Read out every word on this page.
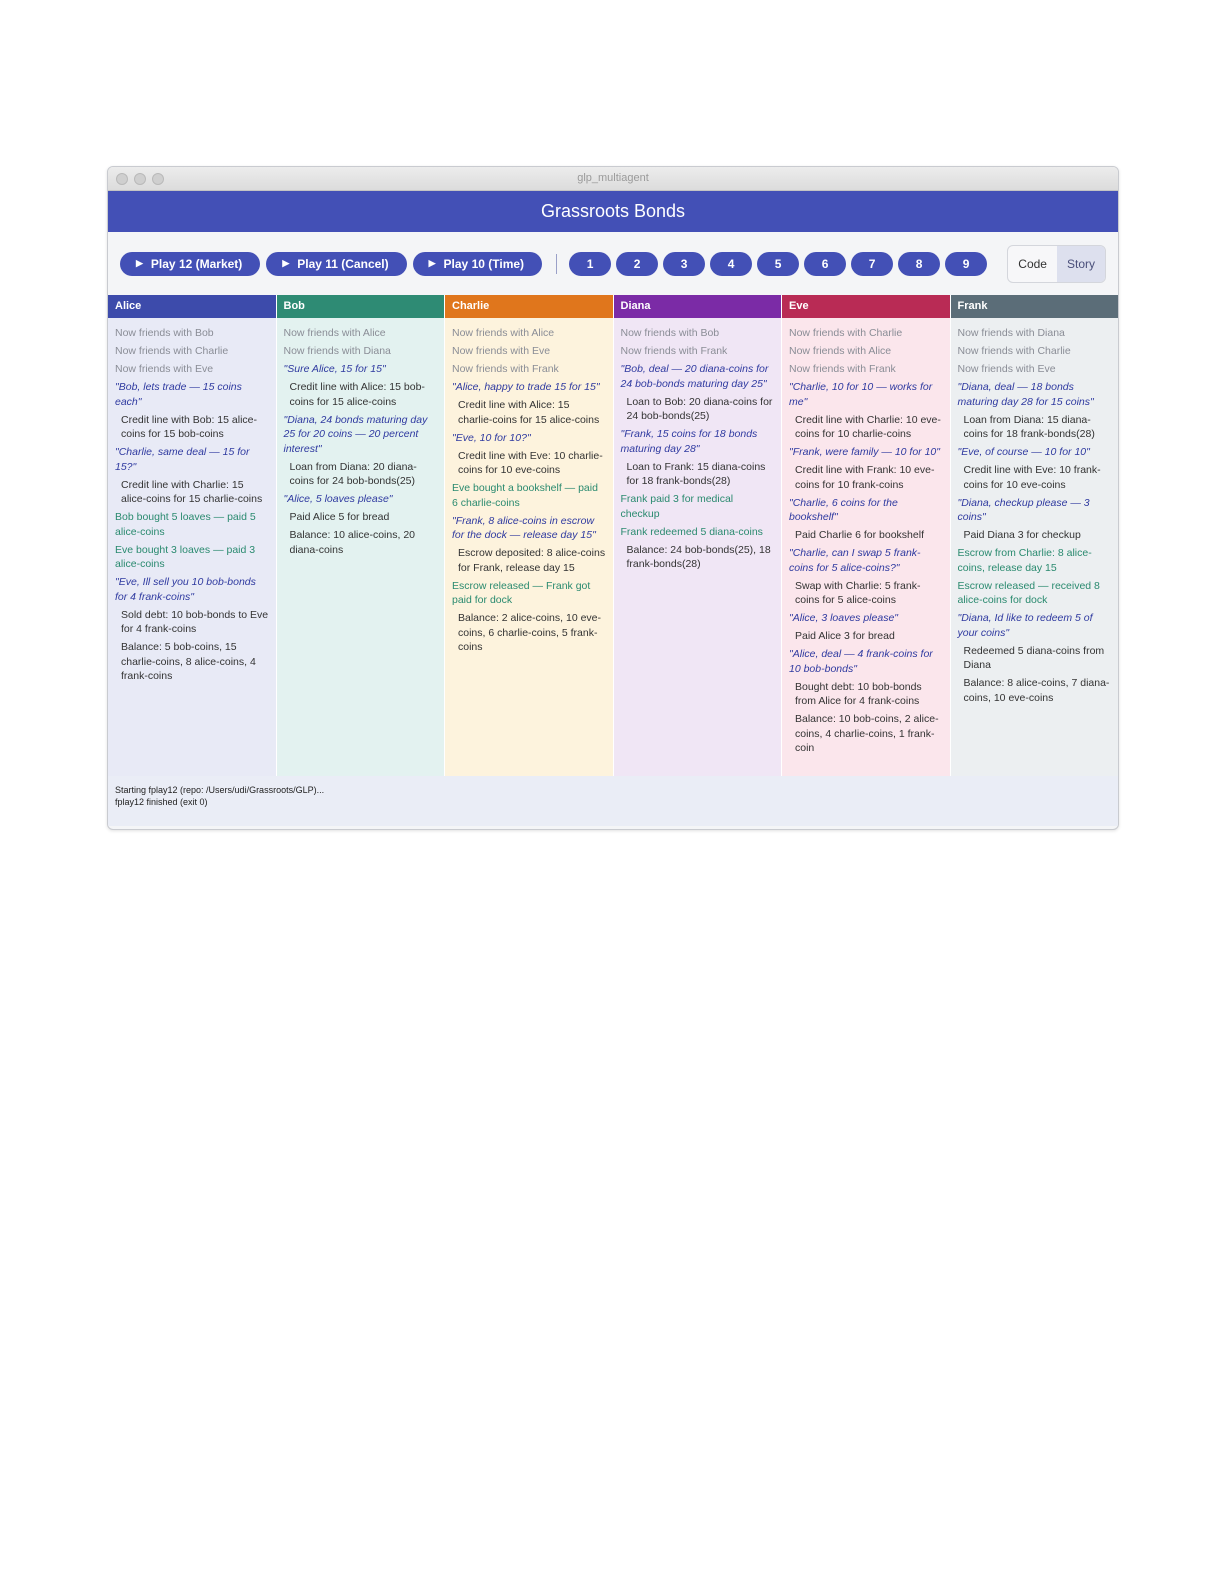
glp_multiagent
Grassroots Bonds
▶ Play 12 (Market)	▶ Play 11 (Cancel)	▶ Play 10 (Time)	1	2	3	4	5	6	7	8	9	Code	Story
Alice
Now friends with Bob
Now friends with Charlie
Now friends with Eve
"Bob, lets trade — 15 coins each"
Credit line with Bob: 15 alice-coins for 15 bob-coins
"Charlie, same deal — 15 for 15?"
Credit line with Charlie: 15 alice-coins for 15 charlie-coins
Bob bought 5 loaves — paid 5 alice-coins
Eve bought 3 loaves — paid 3 alice-coins
"Eve, Ill sell you 10 bob-bonds for 4 frank-coins"
Sold debt: 10 bob-bonds to Eve for 4 frank-coins
Balance: 5 bob-coins, 15 charlie-coins, 8 alice-coins, 4 frank-coins
Bob
Now friends with Alice
Now friends with Diana
"Sure Alice, 15 for 15"
Credit line with Alice: 15 bob-coins for 15 alice-coins
"Diana, 24 bonds maturing day 25 for 20 coins — 20 percent interest"
Loan from Diana: 20 diana-coins for 24 bob-bonds(25)
"Alice, 5 loaves please"
Paid Alice 5 for bread
Balance: 10 alice-coins, 20 diana-coins
Charlie
Now friends with Alice
Now friends with Eve
Now friends with Frank
"Alice, happy to trade 15 for 15"
Credit line with Alice: 15 charlie-coins for 15 alice-coins
"Eve, 10 for 10?"
Credit line with Eve: 10 charlie-coins for 10 eve-coins
Eve bought a bookshelf — paid 6 charlie-coins
"Frank, 8 alice-coins in escrow for the dock — release day 15"
Escrow deposited: 8 alice-coins for Frank, release day 15
Escrow released — Frank got paid for dock
Balance: 2 alice-coins, 10 eve-coins, 6 charlie-coins, 5 frank-coins
Diana
Now friends with Bob
Now friends with Frank
"Bob, deal — 20 diana-coins for 24 bob-bonds maturing day 25"
Loan to Bob: 20 diana-coins for 24 bob-bonds(25)
"Frank, 15 coins for 18 bonds maturing day 28"
Loan to Frank: 15 diana-coins for 18 frank-bonds(28)
Frank paid 3 for medical checkup
Frank redeemed 5 diana-coins
Balance: 24 bob-bonds(25), 18 frank-bonds(28)
Eve
Now friends with Charlie
Now friends with Alice
Now friends with Frank
"Charlie, 10 for 10 — works for me"
Credit line with Charlie: 10 eve-coins for 10 charlie-coins
"Frank, were family — 10 for 10"
Credit line with Frank: 10 eve-coins for 10 frank-coins
"Charlie, 6 coins for the bookshelf"
Paid Charlie 6 for bookshelf
"Charlie, can I swap 5 frank-coins for 5 alice-coins?"
Swap with Charlie: 5 frank-coins for 5 alice-coins
"Alice, 3 loaves please"
Paid Alice 3 for bread
"Alice, deal — 4 frank-coins for 10 bob-bonds"
Bought debt: 10 bob-bonds from Alice for 4 frank-coins
Balance: 10 bob-coins, 2 alice-coins, 4 charlie-coins, 1 frank-coin
Frank
Now friends with Diana
Now friends with Charlie
Now friends with Eve
"Diana, deal — 18 bonds maturing day 28 for 15 coins"
Loan from Diana: 15 diana-coins for 18 frank-bonds(28)
"Eve, of course — 10 for 10"
Credit line with Eve: 10 frank-coins for 10 eve-coins
"Diana, checkup please — 3 coins"
Paid Diana 3 for checkup
Escrow from Charlie: 8 alice-coins, release day 15
Escrow released — received 8 alice-coins for dock
"Diana, Id like to redeem 5 of your coins"
Redeemed 5 diana-coins from Diana
Balance: 8 alice-coins, 7 diana-coins, 10 eve-coins
Starting fplay12 (repo: /Users/udi/Grassroots/GLP)...
fplay12 finished (exit 0)
